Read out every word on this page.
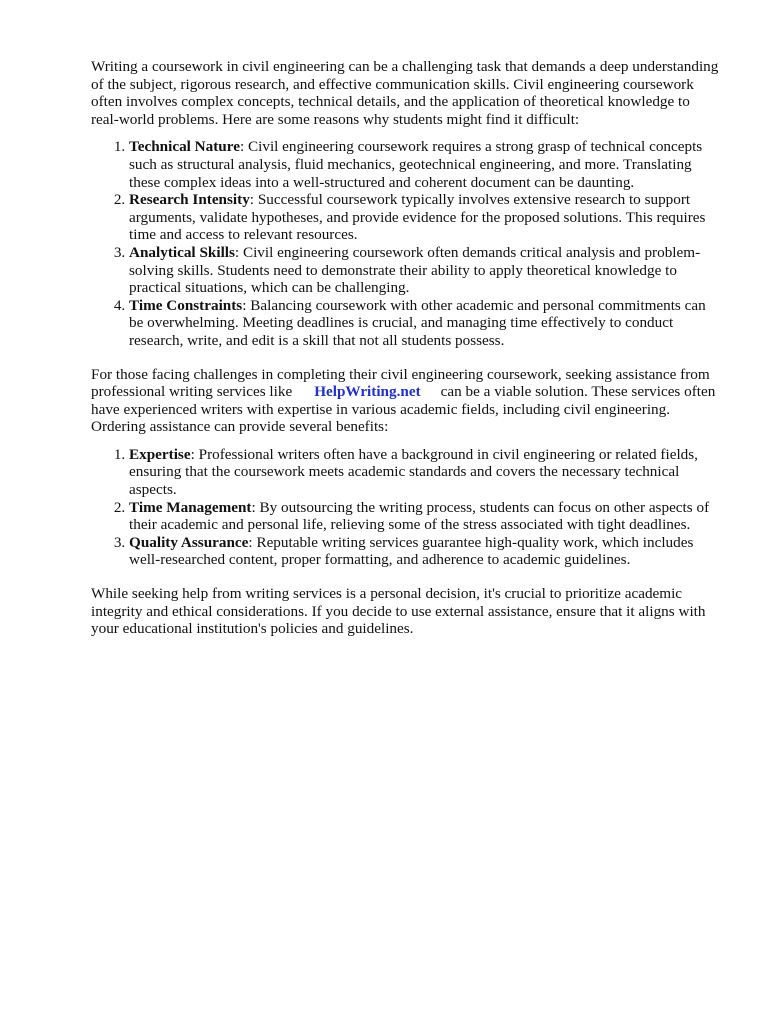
Writing a coursework in civil engineering can be a challenging task that demands a deep understanding of the subject, rigorous research, and effective communication skills. Civil engineering coursework often involves complex concepts, technical details, and the application of theoretical knowledge to real-world problems. Here are some reasons why students might find it difficult:

1. Technical Nature: Civil engineering coursework requires a strong grasp of technical concepts such as structural analysis, fluid mechanics, geotechnical engineering, and more. Translating these complex ideas into a well-structured and coherent document can be daunting.
2. Research Intensity: Successful coursework typically involves extensive research to support arguments, validate hypotheses, and provide evidence for the proposed solutions. This requires time and access to relevant resources.
3. Analytical Skills: Civil engineering coursework often demands critical analysis and problem-solving skills. Students need to demonstrate their ability to apply theoretical knowledge to practical situations, which can be challenging.
4. Time Constraints: Balancing coursework with other academic and personal commitments can be overwhelming. Meeting deadlines is crucial, and managing time effectively to conduct research, write, and edit is a skill that not all students possess.

For those facing challenges in completing their civil engineering coursework, seeking assistance from professional writing services like HelpWriting.net can be a viable solution. These services often have experienced writers with expertise in various academic fields, including civil engineering. Ordering assistance can provide several benefits:

1. Expertise: Professional writers often have a background in civil engineering or related fields, ensuring that the coursework meets academic standards and covers the necessary technical aspects.
2. Time Management: By outsourcing the writing process, students can focus on other aspects of their academic and personal life, relieving some of the stress associated with tight deadlines.
3. Quality Assurance: Reputable writing services guarantee high-quality work, which includes well-researched content, proper formatting, and adherence to academic guidelines.

While seeking help from writing services is a personal decision, it's crucial to prioritize academic integrity and ethical considerations. If you decide to use external assistance, ensure that it aligns with your educational institution's policies and guidelines.
